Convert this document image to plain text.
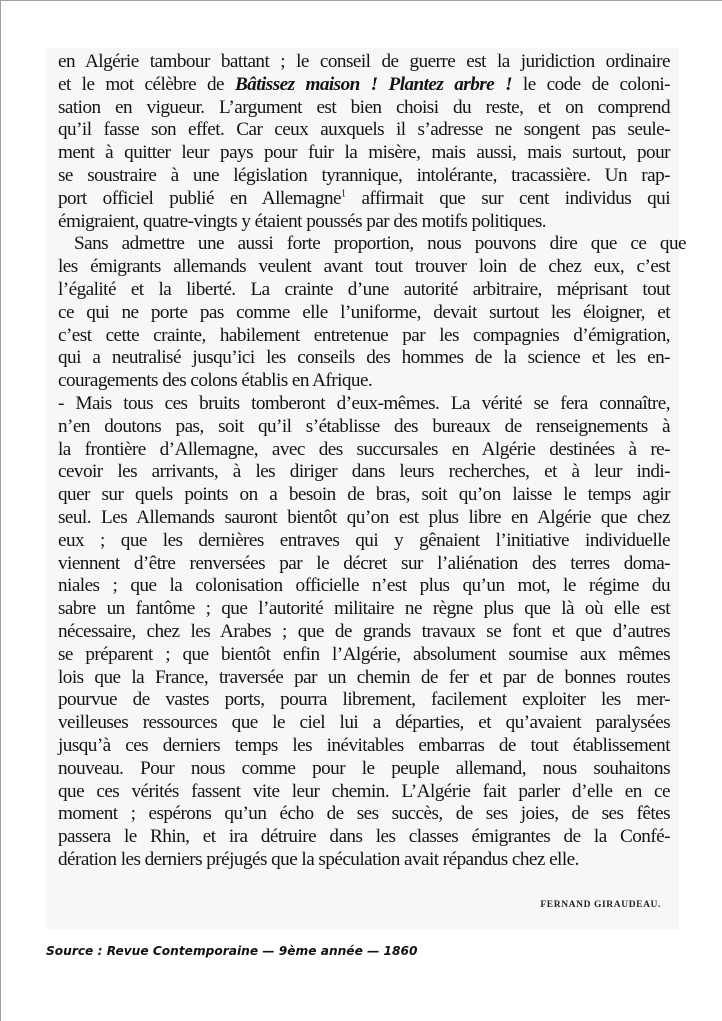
en Algérie tambour battant ; le conseil de guerre est la juridiction ordinaire
et le mot célèbre de Bâtissez maison ! Plantez arbre ! le code de coloni-
sation en vigueur. L’argument est bien choisi du reste, et on comprend
qu’il fasse son effet. Car ceux auxquels il s’adresse ne songent pas seule-
ment à quitter leur pays pour fuir la misère, mais aussi, mais surtout, pour
se soustraire à une législation tyrannique, intolérante, tracassière. Un rap-
port officiel publié en Allemagne$^1$ affirmait que sur cent individus qui
émigraient, quatre-vingts y étaient poussés par des motifs politiques.
Sans admettre une aussi forte proportion, nous pouvons dire que ce que
les émigrants allemands veulent avant tout trouver loin de chez eux, c’est
l’égalité et la liberté. La crainte d’une autorité arbitraire, méprisant tout
ce qui ne porte pas comme elle l’uniforme, devait surtout les éloigner, et
c’est cette crainte, habilement entretenue par les compagnies d’émigration,
qui a neutralisé jusqu’ici les conseils des hommes de la science et les en-
couragements des colons établis en Afrique.
- Mais tous ces bruits tomberont d’eux-mêmes. La vérité se fera connaître,
n’en doutons pas, soit qu’il s’établisse des bureaux de renseignements à
la frontière d’Allemagne, avec des succursales en Algérie destinées à re-
cevoir les arrivants, à les diriger dans leurs recherches, et à leur indi-
quer sur quels points on a besoin de bras, soit qu’on laisse le temps agir
seul. Les Allemands sauront bientôt qu’on est plus libre en Algérie que chez
eux ; que les dernières entraves qui y gênaient l’initiative individuelle
viennent d’être renversées par le décret sur l’aliénation des terres doma-
niales ; que la colonisation officielle n’est plus qu’un mot, le régime du
sabre un fantôme ; que l’autorité militaire ne règne plus que là où elle est
nécessaire, chez les Arabes ; que de grands travaux se font et que d’autres
se préparent ; que bientôt enfin l’Algérie, absolument soumise aux mêmes
lois que la France, traversée par un chemin de fer et par de bonnes routes
pourvue de vastes ports, pourra librement, facilement exploiter les mer-
veilleuses ressources que le ciel lui a départies, et qu’avaient paralysées
jusqu’à ces derniers temps les inévitables embarras de tout établissement
nouveau. Pour nous comme pour le peuple allemand, nous souhaitons
que ces vérités fassent vite leur chemin. L’Algérie fait parler d’elle en ce
moment ; espérons qu’un écho de ses succès, de ses joies, de ses fêtes
passera le Rhin, et ira détruire dans les classes émigrantes de la Confé-
dération les derniers préjugés que la spéculation avait répandus chez elle.
FERNAND GIRAUDEAU.
Source : Revue Contemporaine — 9ème année — 1860
